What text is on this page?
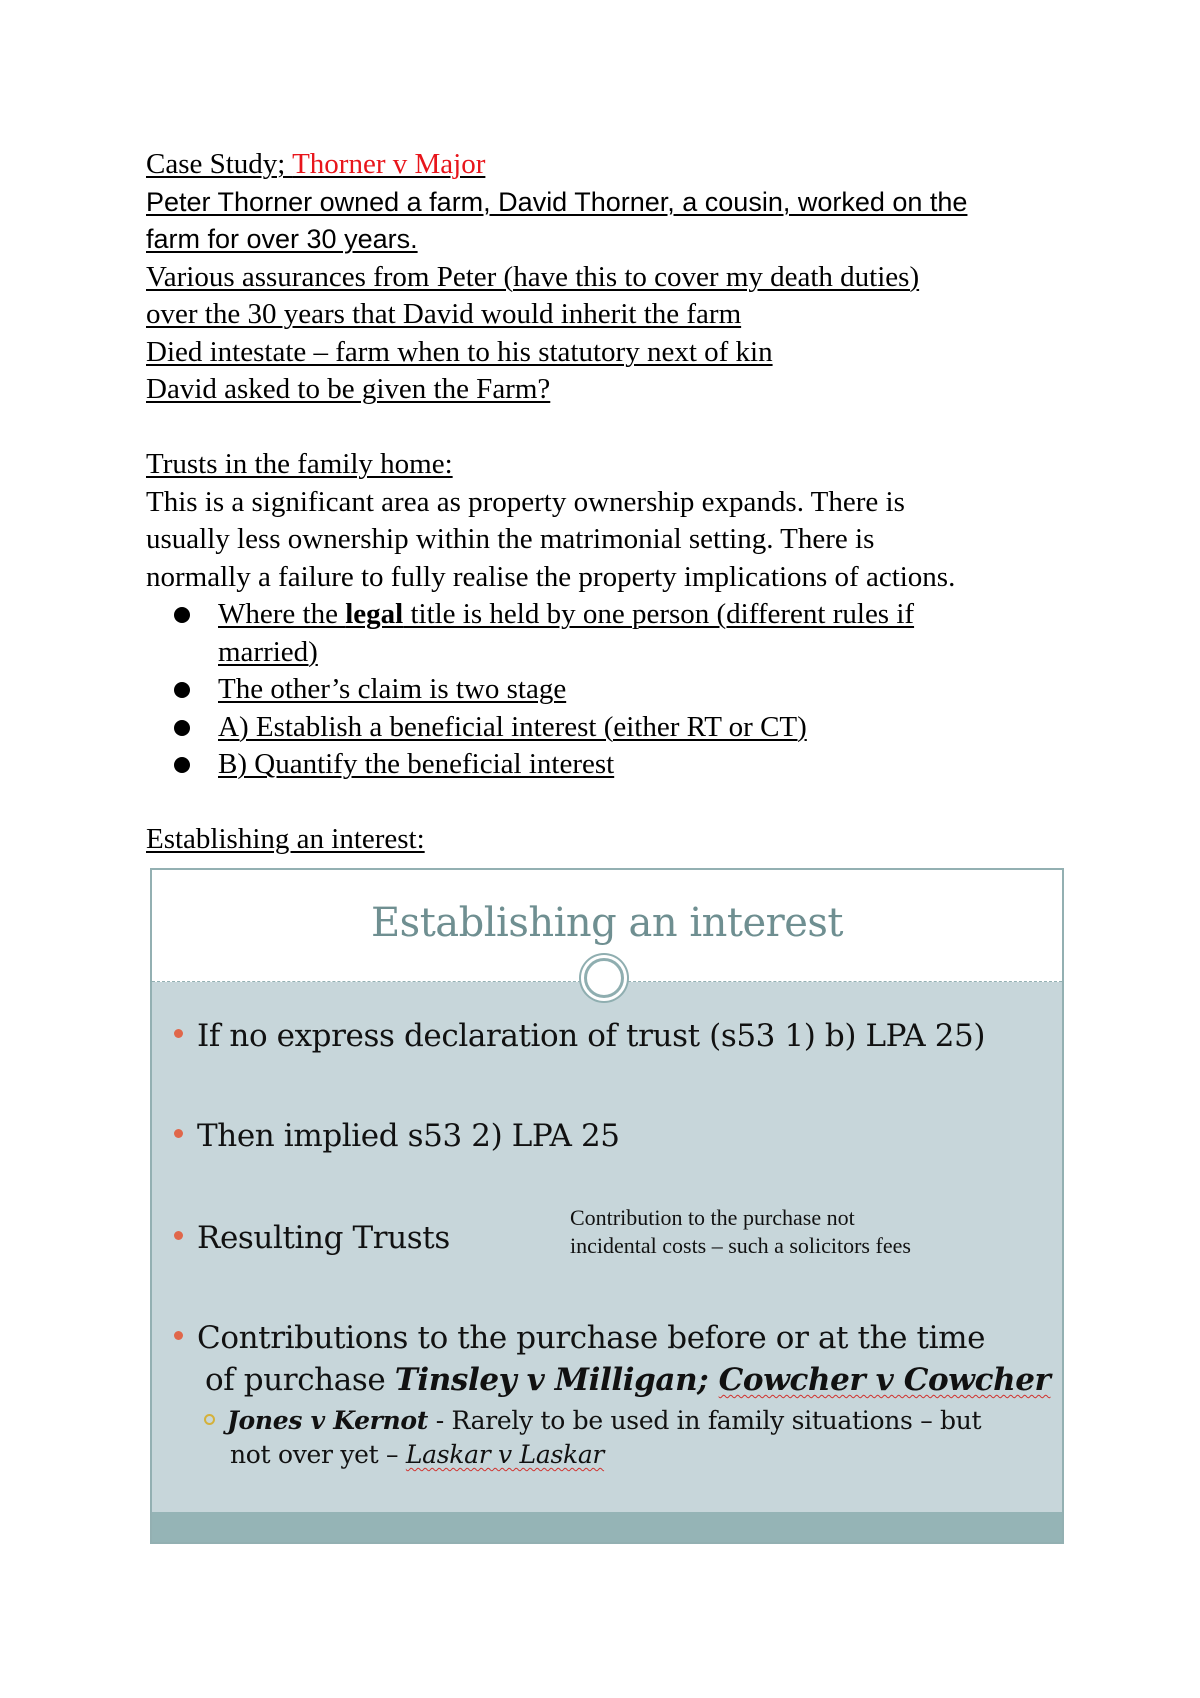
Case Study; Thorner v Major
Peter Thorner owned a farm, David Thorner, a cousin, worked on the
farm for over 30 years.
Various assurances from Peter (have this to cover my death duties)
over the 30 years that David would inherit the farm
Died intestate – farm when to his statutory next of kin
David asked to be given the Farm?
Trusts in the family home:
This is a significant area as property ownership expands. There is
usually less ownership within the matrimonial setting. There is
normally a failure to fully realise the property implications of actions.
Where the legal title is held by one person (different rules if
married)
The other’s claim is two stage
A) Establish a beneficial interest (either RT or CT)
B) Quantify the beneficial interest
Establishing an interest:
Establishing an interest
If no express declaration of trust (s53 1) b) LPA 25)
Then implied s53 2) LPA 25
Resulting Trusts
Contribution to the purchase not
incidental costs – such a solicitors fees
Contributions to the purchase before or at the time
of purchase Tinsley v Milligan; Cowcher v Cowcher
Jones v Kernot - Rarely to be used in family situations – but
not over yet – Laskar v Laskar
